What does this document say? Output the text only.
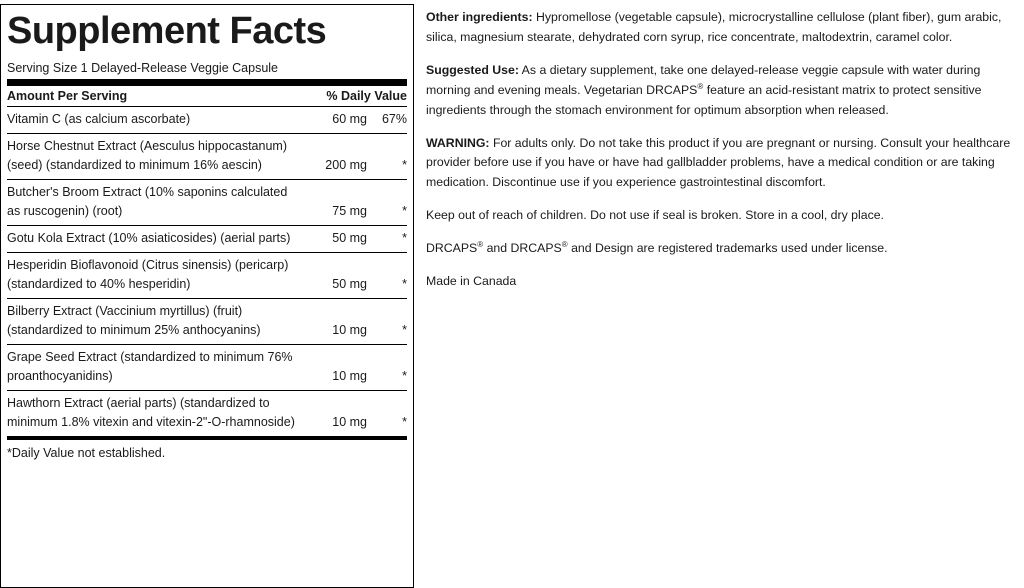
Supplement Facts
Serving Size 1 Delayed-Release Veggie Capsule
Amount Per Serving	% Daily Value
Vitamin C (as calcium ascorbate)	60 mg	67%
Horse Chestnut Extract (Aesculus hippocastanum) (seed) (standardized to minimum 16% aescin)	200 mg	*
Butcher's Broom Extract (10% saponins calculated as ruscogenin) (root)	75 mg	*
Gotu Kola Extract (10% asiaticosides) (aerial parts)	50 mg	*
Hesperidin Bioflavonoid (Citrus sinensis) (pericarp) (standardized to 40% hesperidin)	50 mg	*
Bilberry Extract (Vaccinium myrtillus) (fruit) (standardized to minimum 25% anthocyanins)	10 mg	*
Grape Seed Extract (standardized to minimum 76% proanthocyanidins)	10 mg	*
Hawthorn Extract (aerial parts) (standardized to minimum 1.8% vitexin and vitexin-2"-O-rhamnoside)	10 mg	*
*Daily Value not established.

Other ingredients: Hypromellose (vegetable capsule), microcrystalline cellulose (plant fiber), gum arabic, silica, magnesium stearate, dehydrated corn syrup, rice concentrate, maltodextrin, caramel color.

Suggested Use: As a dietary supplement, take one delayed-release veggie capsule with water during morning and evening meals. Vegetarian DRCAPS® feature an acid-resistant matrix to protect sensitive ingredients through the stomach environment for optimum absorption when released.

WARNING: For adults only. Do not take this product if you are pregnant or nursing. Consult your healthcare provider before use if you have or have had gallbladder problems, have a medical condition or are taking medication. Discontinue use if you experience gastrointestinal discomfort.

Keep out of reach of children. Do not use if seal is broken. Store in a cool, dry place.

DRCAPS® and DRCAPS® and Design are registered trademarks used under license.

Made in Canada
